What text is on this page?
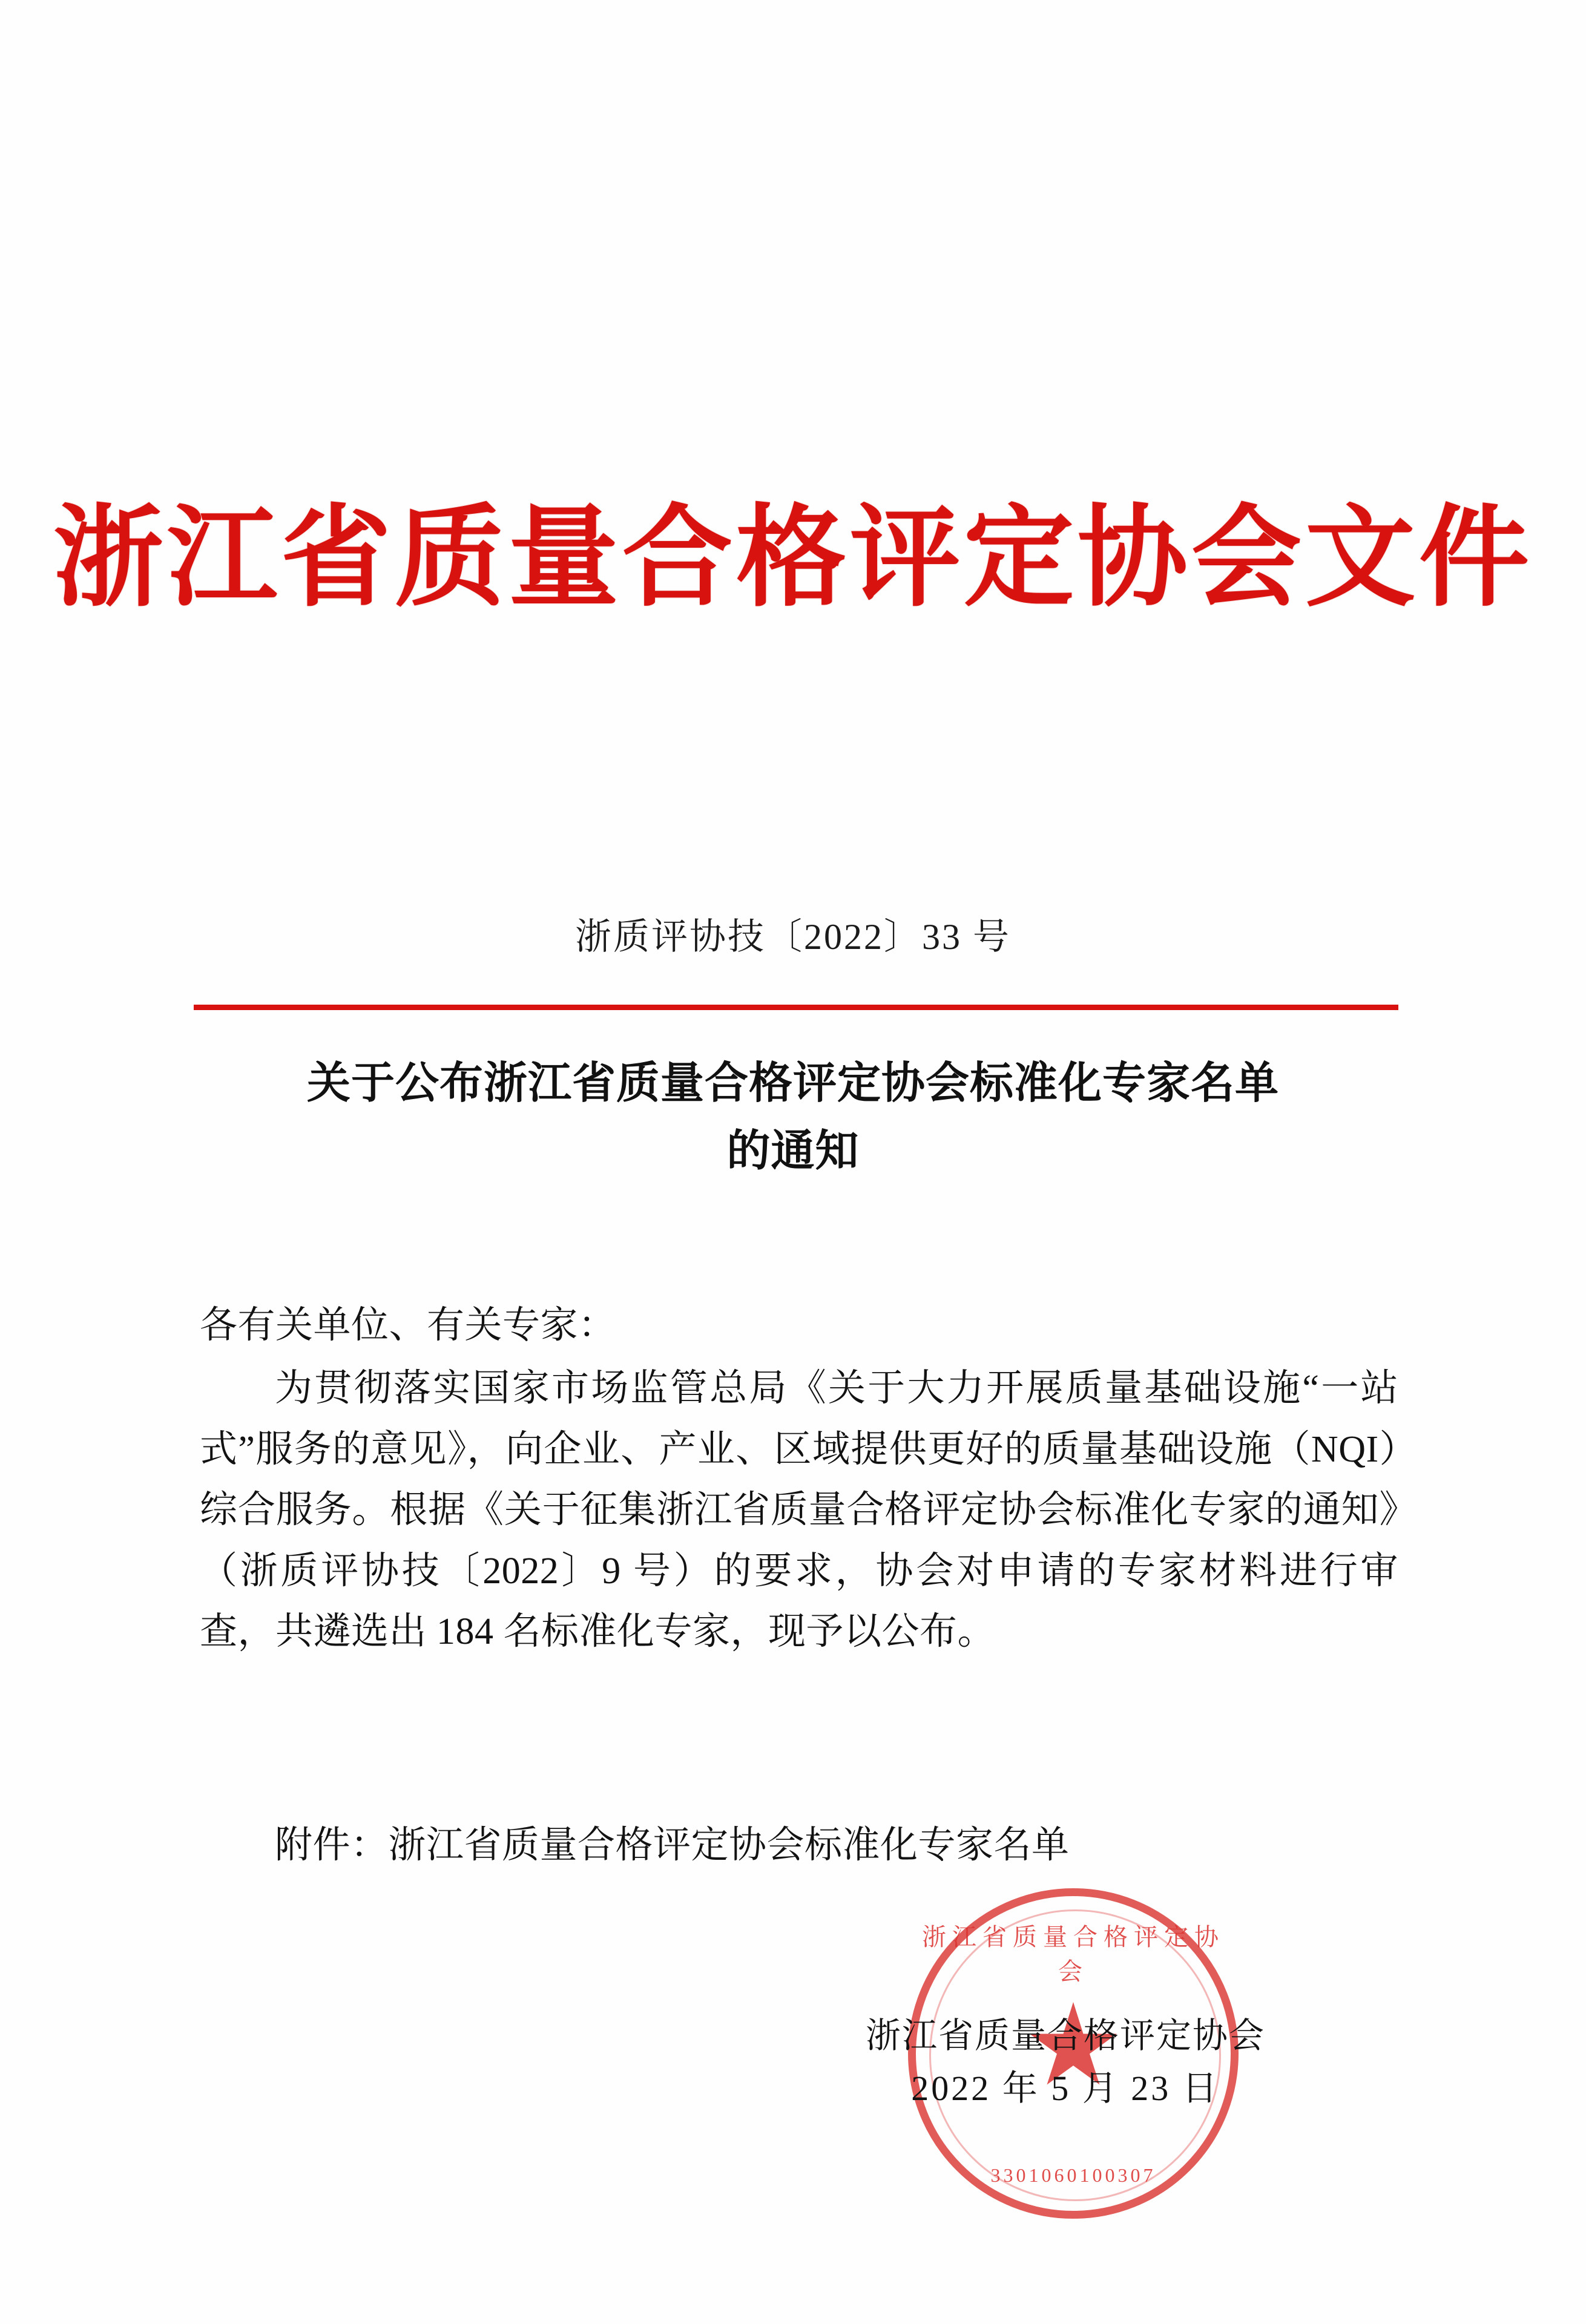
浙江省质量合格评定协会文件
浙质评协技〔2022〕33 号
关于公布浙江省质量合格评定协会标准化专家名单
的通知

各有关单位、有关专家：

为贯彻落实国家市场监管总局《关于大力开展质量基础设施“一站式”服务的意见》，向企业、产业、区域提供更好的质量基础设施（NQI）综合服务。根据《关于征集浙江省质量合格评定协会标准化专家的通知》（浙质评协技〔2022〕9 号）的要求，协会对申请的专家材料进行审查，共遴选出 184 名标准化专家，现予以公布。

附件：浙江省质量合格评定协会标准化专家名单
浙江省质量合格评定协会
3301060100307
浙江省质量合格评定协会
2022 年 5 月 23 日
